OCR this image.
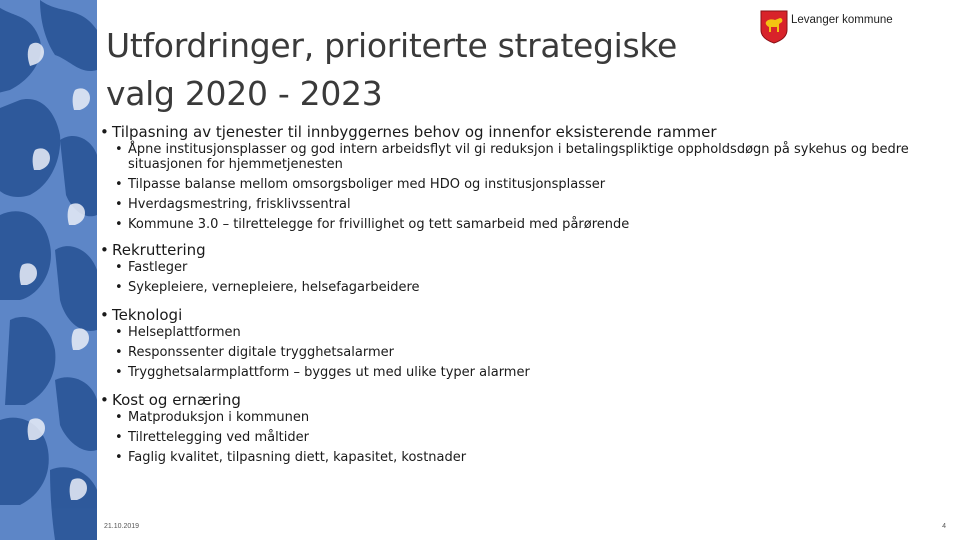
Utfordringer, prioriterte strategiske
valg 2020 - 2023
Levanger kommune
• Tilpasning av tjenester til innbyggernes behov og innenfor eksisterende rammer
• Åpne institusjonsplasser og god intern arbeidsflyt vil gi reduksjon i betalingspliktige oppholdsdøgn på sykehus og bedre situasjonen for hjemmetjenesten
• Tilpasse balanse mellom omsorgsboliger med HDO og institusjonsplasser
• Hverdagsmestring, frisklivssentral
• Kommune 3.0 – tilrettelegge for frivillighet og tett samarbeid med pårørende
• Rekruttering
• Fastleger
• Sykepleiere, vernepleiere, helsefagarbeidere
• Teknologi
• Helseplattformen
• Responssenter digitale trygghetsalarmer
• Trygghetsalarmplattform – bygges ut med ulike typer alarmer
• Kost og ernæring
• Matproduksjon i kommunen
• Tilrettelegging ved måltider
• Faglig kvalitet, tilpasning diett, kapasitet, kostnader
21.10.2019	4
